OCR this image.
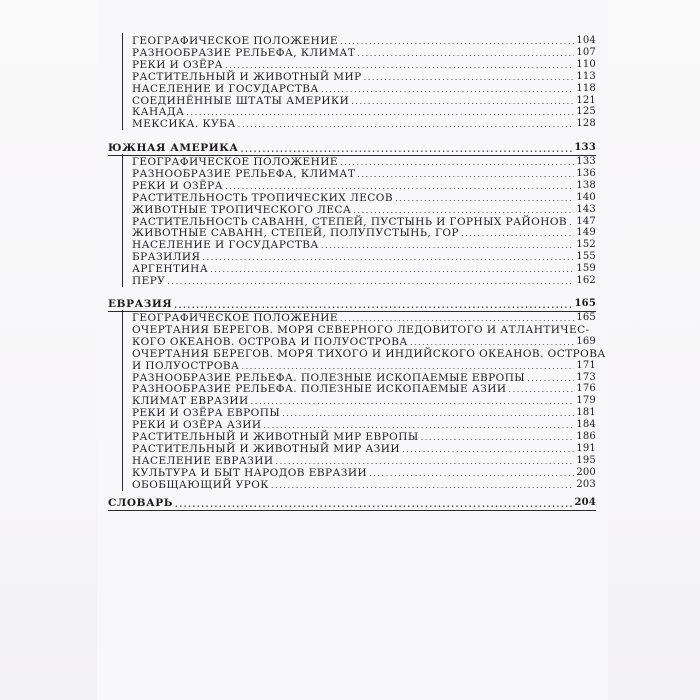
ГЕОГРАФИЧЕСКОЕ ПОЛОЖЕНИЕ .....	104
РАЗНООБРАЗИЕ РЕЛЬЕФА, КЛИМАТ .....	107
РЕКИ И ОЗЁРА .....	110
РАСТИТЕЛЬНЫЙ И ЖИВОТНЫЙ МИР .....	113
НАСЕЛЕНИЕ И ГОСУДАРСТВА .....	118
СОЕДИНЁННЫЕ ШТАТЫ АМЕРИКИ .....	121
КАНАДА .....	125
МЕКСИКА. КУБА .....	128
ЮЖНАЯ АМЕРИКА .....	133
ГЕОГРАФИЧЕСКОЕ ПОЛОЖЕНИЕ .....	133
РАЗНООБРАЗИЕ РЕЛЬЕФА, КЛИМАТ .....	136
РЕКИ И ОЗЁРА .....	138
РАСТИТЕЛЬНОСТЬ ТРОПИЧЕСКИХ ЛЕСОВ .....	140
ЖИВОТНЫЕ ТРОПИЧЕСКОГО ЛЕСА .....	143
РАСТИТЕЛЬНОСТЬ САВАНН, СТЕПЕЙ, ПУСТЫНЬ И ГОРНЫХ РАЙОНОВ ..... 147
ЖИВОТНЫЕ САВАНН, СТЕПЕЙ, ПОЛУПУСТЫНЬ, ГОР .....	149
НАСЕЛЕНИЕ И ГОСУДАРСТВА .....	152
БРАЗИЛИЯ .....	155
АРГЕНТИНА .....	159
ПЕРУ .....	162
ЕВРАЗИЯ .....	165
ГЕОГРАФИЧЕСКОЕ ПОЛОЖЕНИЕ .....	165
ОЧЕРТАНИЯ БЕРЕГОВ. МОРЯ СЕВЕРНОГО ЛЕДОВИТОГО И АТЛАНТИЧЕС-
КОГО ОКЕАНОВ. ОСТРОВА И ПОЛУОСТРОВА .....	169
ОЧЕРТАНИЯ БЕРЕГОВ. МОРЯ ТИХОГО И ИНДИЙСКОГО ОКЕАНОВ. ОСТРОВА
И ПОЛУОСТРОВА .....	171
РАЗНООБРАЗИЕ РЕЛЬЕФА. ПОЛЕЗНЫЕ ИСКОПАЕМЫЕ ЕВРОПЫ .....	173
РАЗНООБРАЗИЕ РЕЛЬЕФА. ПОЛЕЗНЫЕ ИСКОПАЕМЫЕ АЗИИ .....	176
КЛИМАТ ЕВРАЗИИ .....	179
РЕКИ И ОЗЁРА ЕВРОПЫ .....	181
РЕКИ И ОЗЁРА АЗИИ .....	184
РАСТИТЕЛЬНЫЙ И ЖИВОТНЫЙ МИР ЕВРОПЫ .....	186
РАСТИТЕЛЬНЫЙ И ЖИВОТНЫЙ МИР АЗИИ .....	191
НАСЕЛЕНИЕ ЕВРАЗИИ .....	195
КУЛЬТУРА И БЫТ НАРОДОВ ЕВРАЗИИ .....	200
ОБОБЩАЮЩИЙ УРОК .....	203
СЛОВАРЬ .....	204
